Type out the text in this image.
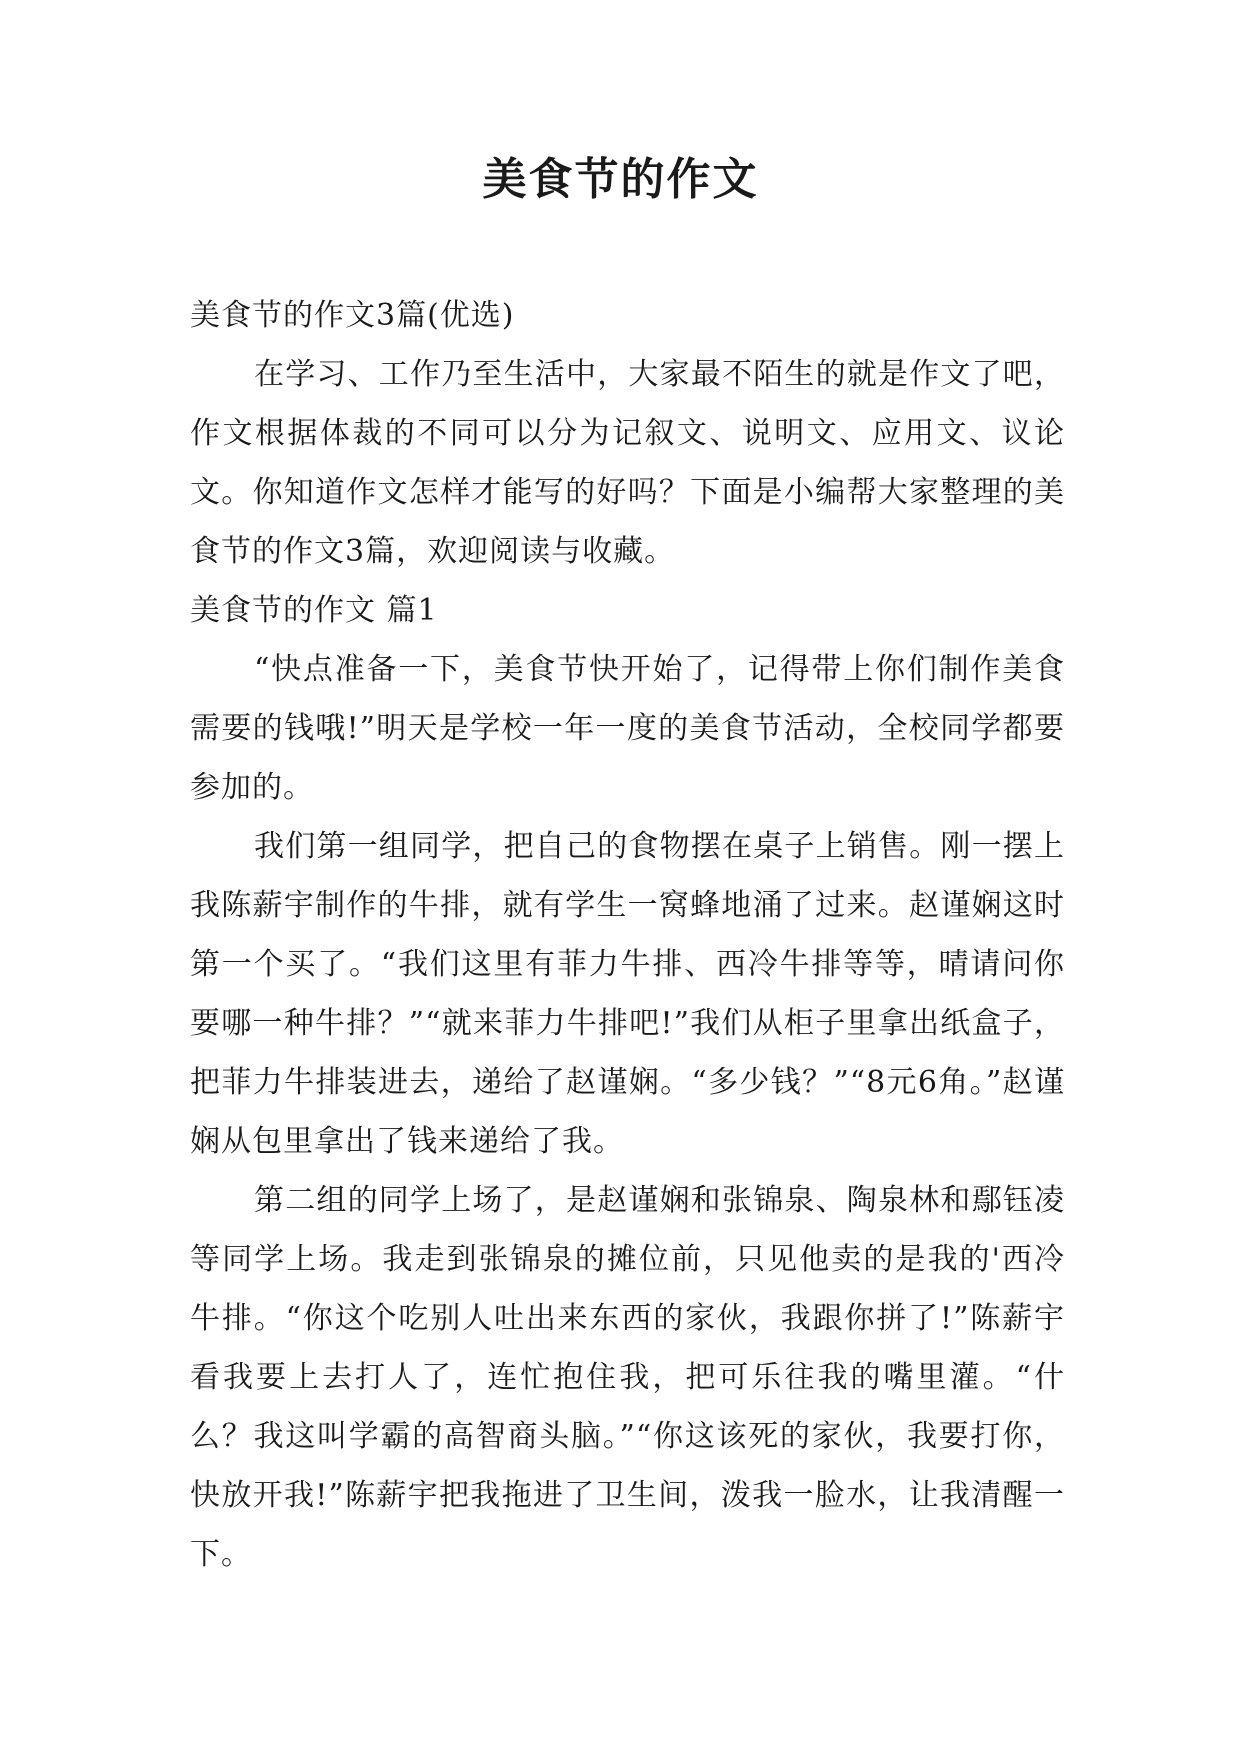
美食节的作文

美食节的作文3篇(优选)

在学习、工作乃至生活中，大家最不陌生的就是作文了吧，作文根据体裁的不同可以分为记叙文、说明文、应用文、议论文。你知道作文怎样才能写的好吗？下面是小编帮大家整理的美食节的作文3篇，欢迎阅读与收藏。

美食节的作文 篇1

“快点准备一下，美食节快开始了，记得带上你们制作美食需要的钱哦!”明天是学校一年一度的美食节活动，全校同学都要参加的。

我们第一组同学，把自己的食物摆在桌子上销售。刚一摆上我陈薪宇制作的牛排，就有学生一窝蜂地涌了过来。赵谨娴这时第一个买了。“我们这里有菲力牛排、西冷牛排等等，晴请问你要哪一种牛排？”“就来菲力牛排吧!”我们从柜子里拿出纸盒子，把菲力牛排装进去，递给了赵谨娴。“多少钱？”“8元6角。”赵谨娴从包里拿出了钱来递给了我。

第二组的同学上场了，是赵谨娴和张锦泉、陶泉林和鄢钰凌等同学上场。我走到张锦泉的摊位前，只见他卖的是我的'西冷牛排。“你这个吃别人吐出来东西的家伙，我跟你拼了!”陈薪宇看我要上去打人了，连忙抱住我，把可乐往我的嘴里灌。“什么？我这叫学霸的高智商头脑。”“你这该死的家伙，我要打你，快放开我!”陈薪宇把我拖进了卫生间，泼我一脸水，让我清醒一下。
